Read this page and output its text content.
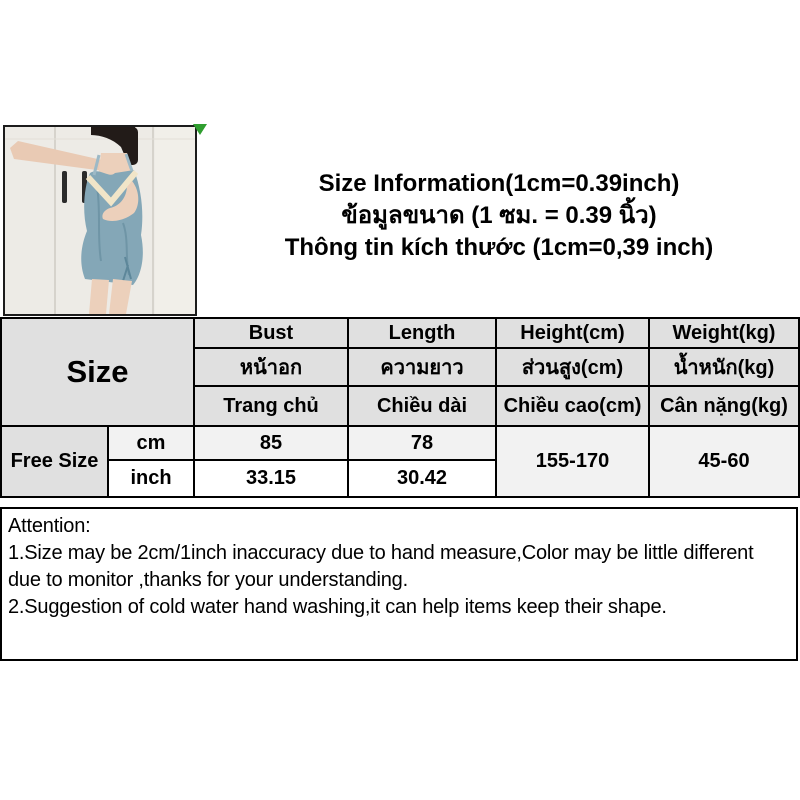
Size Information(1cm=0.39inch)
ข้อมูลขนาด (1 ซม. = 0.39 นิ้ว)
Thông tin kích thước (1cm=0,39 inch)
Size		Bust	Length	Height(cm)	Weight(kg)
		หน้าอก	ความยาว	ส่วนสูง(cm)	น้ำหนัก(kg)
		Trang chủ	Chiều dài	Chiều cao(cm)	Cân nặng(kg)
Free Size	cm	85	78	155-170	45-60
	inch	33.15	30.42		
Attention:
1.Size may be 2cm/1inch inaccuracy due to hand measure,Color may be little different due to monitor ,thanks for your understanding.
2.Suggestion of cold water hand washing,it can help items keep their shape.
